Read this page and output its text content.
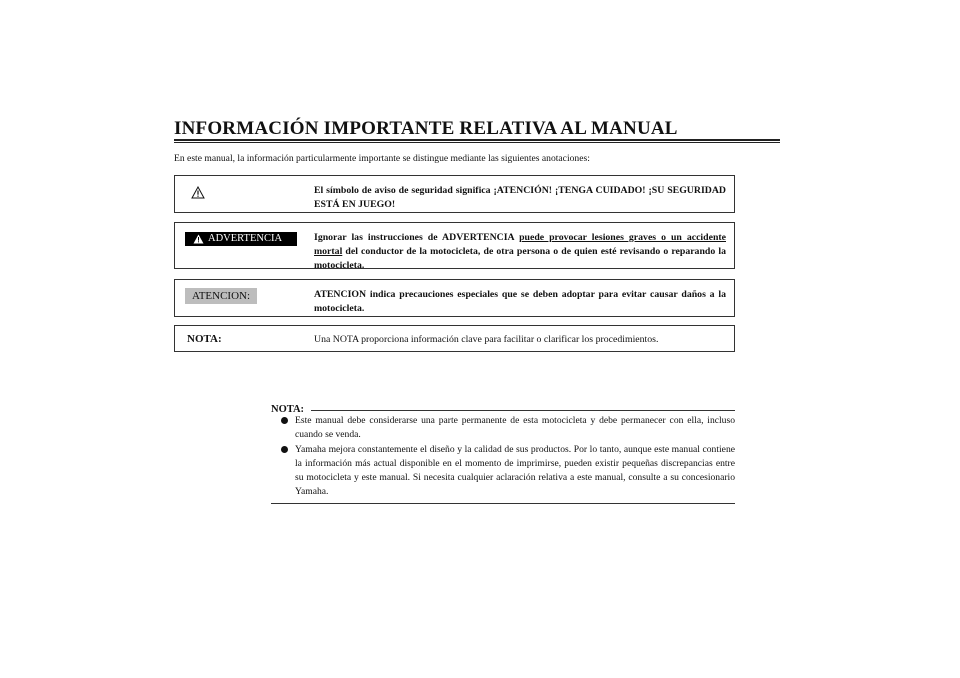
INFORMACIÓN IMPORTANTE RELATIVA AL MANUAL
En este manual, la información particularmente importante se distingue mediante las siguientes anotaciones:
El símbolo de aviso de seguridad significa ¡ATENCIÓN! ¡TENGA CUIDADO! ¡SU SEGURIDAD ESTÁ EN JUEGO!
ADVERTENCIA	Ignorar las instrucciones de ADVERTENCIA puede provocar lesiones graves o un accidente mortal del conductor de la motocicleta, de otra persona o de quien esté revisando o reparando la motocicleta.
ATENCION:	ATENCION indica precauciones especiales que se deben adoptar para evitar causar daños a la motocicleta.
NOTA:	Una NOTA proporciona información clave para facilitar o clarificar los procedimientos.
NOTA:
Este manual debe considerarse una parte permanente de esta motocicleta y debe permanecer con ella, incluso cuando se venda.
Yamaha mejora constantemente el diseño y la calidad de sus productos. Por lo tanto, aunque este manual contiene la información más actual disponible en el momento de imprimirse, pueden existir pequeñas discrepancias entre su motocicleta y este manual. Si necesita cualquier aclaración relativa a este manual, consulte a su concesionario Yamaha.
